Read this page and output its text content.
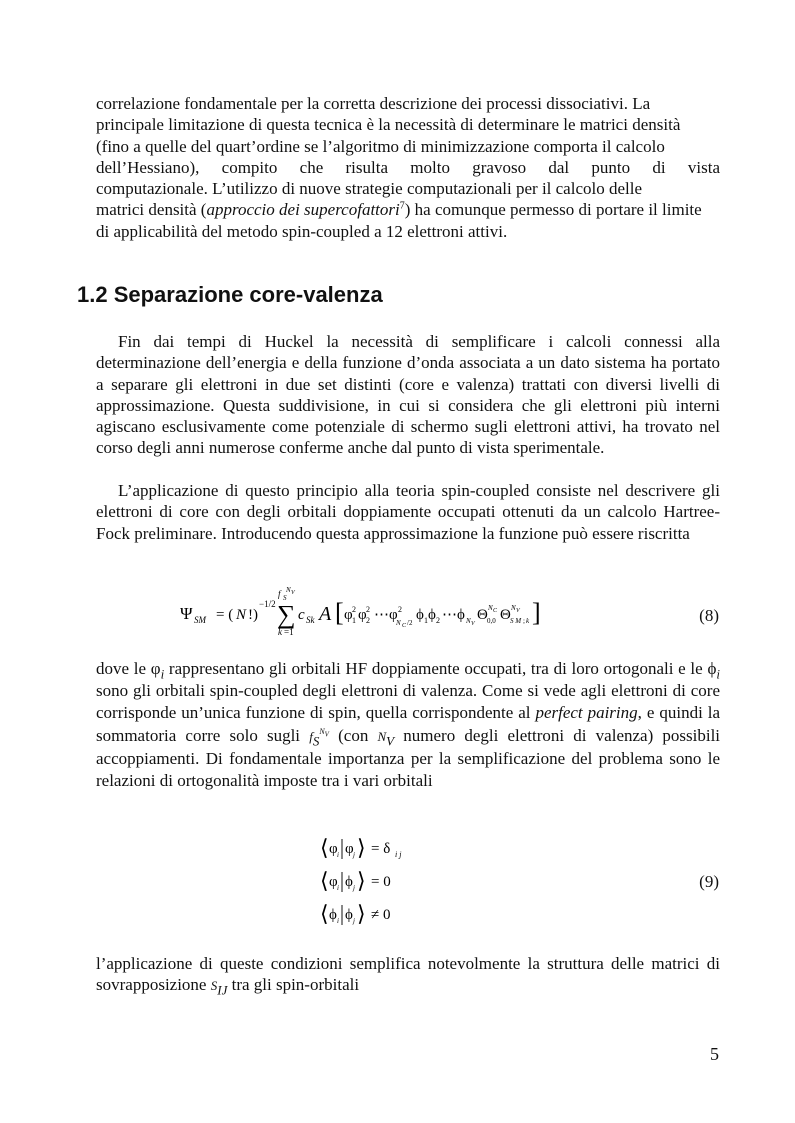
correlazione fondamentale per la corretta descrizione dei processi dissociativi. La
principale limitazione di questa tecnica è la necessità di determinare le matrici densità
(fino a quelle del quart’ordine se l’algoritmo di minimizzazione comporta il calcolo
dell’Hessiano), compito che risulta molto gravoso dal punto di vista
computazionale. L’utilizzo di nuove strategie computazionali per il calcolo delle
matrici densità (approccio dei supercofattori$^7$) ha comunque permesso di portare il limite
di applicabilità del metodo spin-coupled a 12 elettroni attivi.
1.2 Separazione core-valenza
Fin dai tempi di Huckel la necessità di semplificare i calcoli connessi alla determinazione dell’energia e della funzione d’onda associata a un dato sistema ha portato a separare gli elettroni in due set distinti (core e valenza) trattati con diversi livelli di approssimazione. Questa suddivisione, in cui si considera che gli elettroni più interni agiscano esclusivamente come potenziale di schermo sugli elettroni attivi, ha trovato nel corso degli anni numerose conferme anche dal punto di vista sperimentale.
L’applicazione di questo principio alla teoria spin-coupled consiste nel descrivere gli elettroni di core con degli orbitali doppiamente occupati ottenuti da un calcolo Hartree-Fock preliminare. Introducendo questa approssimazione la funzione può essere riscritta
Ψ SM = ( N !)
−1/2
f S
N V
∑
k =1
c Sk A [ φ 2
1 φ 2
2 ⋯φ 2
N C /2 ϕ 1 ϕ 2 ⋯ϕ N V
Θ N C
0,0 Θ N V
S M ; k ]	(8)
dove le $\varphi_i$ rappresentano gli orbitali HF doppiamente occupati, tra di loro ortogonali e le $\phi_i$ sono gli orbitali spin-coupled degli elettroni di valenza. Come si vede agli elettroni di core corrisponde un’unica funzione di spin, quella corrispondente al perfect pairing, e quindi la sommatoria corre solo sugli $f_S^{N_V}$ (con $N_V$ numero degli elettroni di valenza) possibili accoppiamenti. Di fondamentale importanza per la semplificazione del problema sono le relazioni di ortogonalità imposte tra i vari orbitali
⟨ φ i φ j ⟩ = δ i j
⟨ φ i ϕ j ⟩ = 0
⟨ ϕ i ϕ j ⟩ ≠ 0
(9)
l’applicazione di queste condizioni semplifica notevolmente la struttura delle matrici di sovrapposizione $S_{IJ}$ tra gli spin-orbitali
5
